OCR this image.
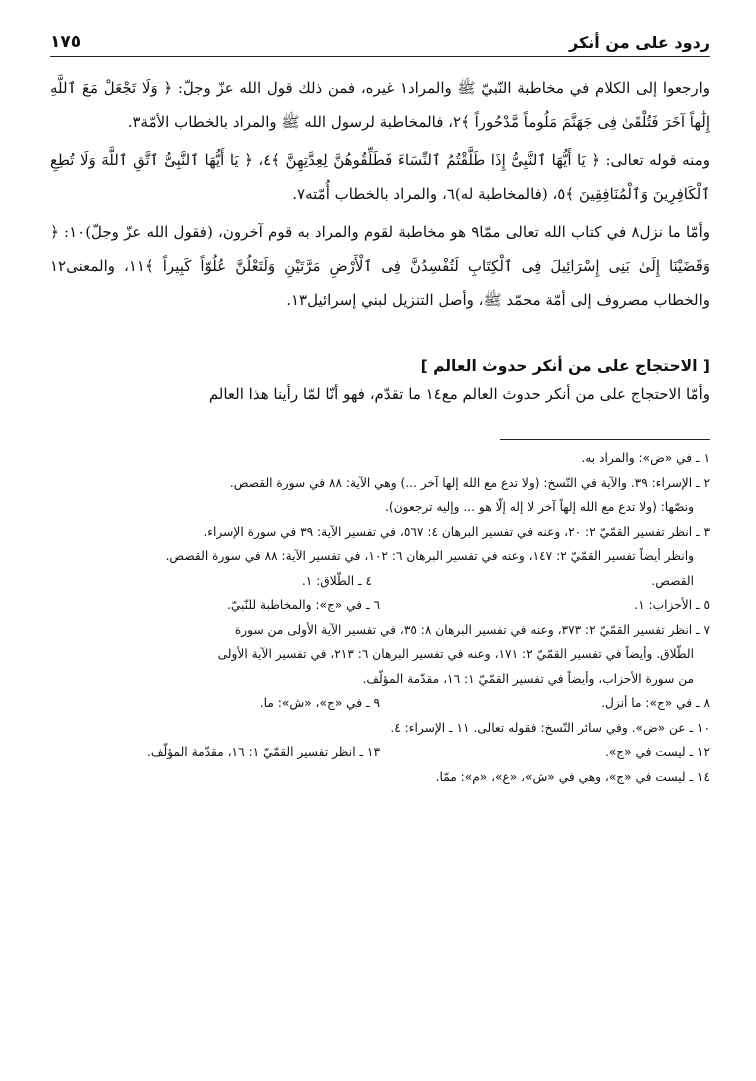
ردود على من أنكر
١٧٥

وارجعوا إلى الكلام في مخاطبة النّبيّ ﷺ والمراد١ غيره، فمن ذلك قول الله عزّ وجلّ: ﴿ وَلَا تَجْعَلْ مَعَ ٱللَّهِ إِلَٰهاً آخَرَ فَتُلْقَىٰ فِى جَهَنَّمَ مَلُوماً مَّدْحُوراً ﴾٢، فالمخاطبة لرسول الله ﷺ والمراد بالخطاب الأمّة٣.

ومنه قوله تعالى: ﴿ يَا أَيُّهَا ٱلنَّبِىُّ إِذَا طَلَّقْتُمُ ٱلنِّسَاءَ فَطَلِّقُوهُنَّ لِعِدَّتِهِنَّ ﴾٤، ﴿ يَا أَيُّهَا ٱلنَّبِىُّ ٱتَّقِ ٱللَّهَ وَلَا تُطِعِ ٱلْكَافِرِينَ وَٱلْمُنَافِقِينَ ﴾٥، (فالمخاطبة له)٦، والمراد بالخطاب أُمّته٧.

وأمّا ما نزل٨ في كتاب الله تعالى ممّا٩ هو مخاطبة لقوم والمراد به قوم آخرون، (فقول الله عزّ وجلّ)١٠: ﴿ وَقَضَيْنَا إِلَىٰ بَنِى إِسْرَائِيلَ فِى ٱلْكِتَابِ لَتُفْسِدُنَّ فِى ٱلْأَرْضِ مَرَّتَيْنِ وَلَتَعْلُنَّ عُلُوّاً كَبِيراً ﴾١١، والمعنى١٢ والخطاب مصروف إلى أمّة محمّد ﷺ، وأصل التنزيل لبني إسرائيل١٣.

[ الاحتجاج على من أنكر حدوث العالم ]
وأمّا الاحتجاج على من أنكر حدوث العالم مع١٤ ما تقدّم، فهو أنّا لمّا رأينا هذا العالم

١ ـ في «ض»: والمراد به.

٢ ـ الإسراء: ٣٩. والآية في النّسخ: (ولا تدع مع الله إلها آخر ...) وهي الآية: ٨٨ في سورة القصص.

ونصّها: (ولا تدع مع الله إلهاً آخر لا إله إلّا هو ... وإليه ترجعون).

٣ ـ انظر تفسير القمّيّ ٢: ٢٠، وعنه في تفسير البرهان ٤: ٥٦٧، في تفسير الآية: ٣٩ في سورة الإسراء.

وانظر أيضاً تفسير القمّيّ ٢: ١٤٧، وعنه في تفسير البرهان ٦: ١٠٢، في تفسير الآية: ٨٨ في سورة القصص.

القصص.
٤ ـ الطّلاق: ١.
٥ ـ الأحزاب: ١.
٦ ـ في «ج»: والمخاطبة للنّبيّ.

٧ ـ انظر تفسير القمّيّ ٢: ٣٧٣، وعنه في تفسير البرهان ٨: ٣٥، في تفسير الآية الأولى من سورة

الطّلاق. وأيضاً في تفسير القمّيّ ٢: ١٧١، وعنه في تفسير البرهان ٦: ٢١٣، في تفسير الآية الأولى

من سورة الأحزاب، وأيضاً في تفسير القمّيّ ١: ١٦، مقدّمة المؤلّف.

٨ ـ في «ج»: ما أنزل.
٩ ـ في «ج»، «ش»: ما.

١٠ ـ عن «ض». وفي سائر النّسخ: فقوله تعالى. ١١ ـ الإسراء: ٤.

١٢ ـ ليست في «ج».
١٣ ـ انظر تفسير القمّيّ ١: ١٦، مقدّمة المؤلّف.

١٤ ـ ليست في «ج»، وهي في «ش»، «ع»، «م»: ممّا.
